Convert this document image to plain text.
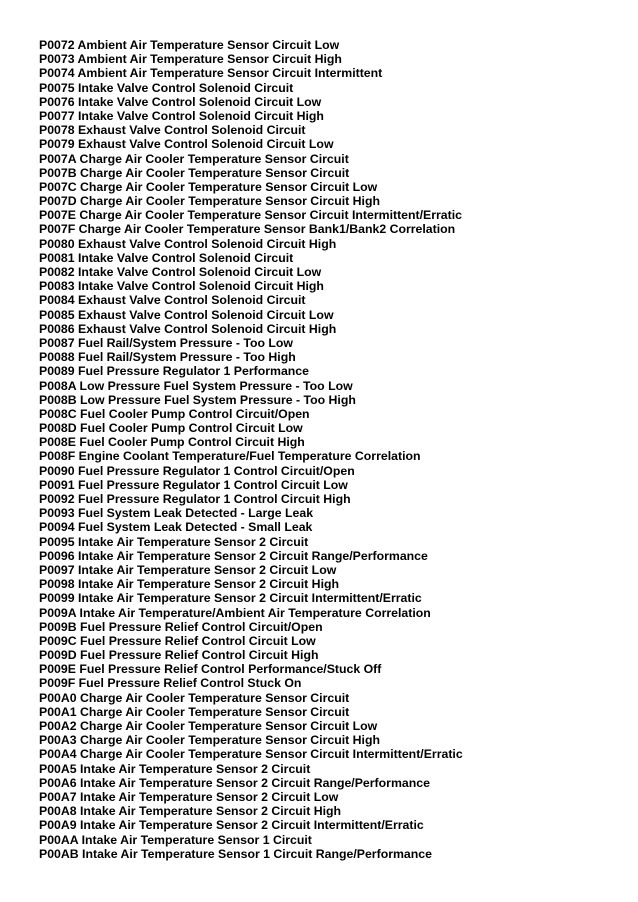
P0072 Ambient Air Temperature Sensor Circuit Low
P0073 Ambient Air Temperature Sensor Circuit High
P0074 Ambient Air Temperature Sensor Circuit Intermittent
P0075 Intake Valve Control Solenoid Circuit
P0076 Intake Valve Control Solenoid Circuit Low
P0077 Intake Valve Control Solenoid Circuit High
P0078 Exhaust Valve Control Solenoid Circuit
P0079 Exhaust Valve Control Solenoid Circuit Low
P007A Charge Air Cooler Temperature Sensor Circuit
P007B Charge Air Cooler Temperature Sensor Circuit
P007C Charge Air Cooler Temperature Sensor Circuit Low
P007D Charge Air Cooler Temperature Sensor Circuit High
P007E Charge Air Cooler Temperature Sensor Circuit Intermittent/Erratic
P007F Charge Air Cooler Temperature Sensor Bank1/Bank2 Correlation
P0080 Exhaust Valve Control Solenoid Circuit High
P0081 Intake Valve Control Solenoid Circuit
P0082 Intake Valve Control Solenoid Circuit Low
P0083 Intake Valve Control Solenoid Circuit High
P0084 Exhaust Valve Control Solenoid Circuit
P0085 Exhaust Valve Control Solenoid Circuit Low
P0086 Exhaust Valve Control Solenoid Circuit High
P0087 Fuel Rail/System Pressure - Too Low
P0088 Fuel Rail/System Pressure - Too High
P0089 Fuel Pressure Regulator 1 Performance
P008A Low Pressure Fuel System Pressure - Too Low
P008B Low Pressure Fuel System Pressure - Too High
P008C Fuel Cooler Pump Control Circuit/Open
P008D Fuel Cooler Pump Control Circuit Low
P008E Fuel Cooler Pump Control Circuit High
P008F Engine Coolant Temperature/Fuel Temperature Correlation
P0090 Fuel Pressure Regulator 1 Control Circuit/Open
P0091 Fuel Pressure Regulator 1 Control Circuit Low
P0092 Fuel Pressure Regulator 1 Control Circuit High
P0093 Fuel System Leak Detected - Large Leak
P0094 Fuel System Leak Detected - Small Leak
P0095 Intake Air Temperature Sensor 2 Circuit
P0096 Intake Air Temperature Sensor 2 Circuit Range/Performance
P0097 Intake Air Temperature Sensor 2 Circuit Low
P0098 Intake Air Temperature Sensor 2 Circuit High
P0099 Intake Air Temperature Sensor 2 Circuit Intermittent/Erratic
P009A Intake Air Temperature/Ambient Air Temperature Correlation
P009B Fuel Pressure Relief Control Circuit/Open
P009C Fuel Pressure Relief Control Circuit Low
P009D Fuel Pressure Relief Control Circuit High
P009E Fuel Pressure Relief Control Performance/Stuck Off
P009F Fuel Pressure Relief Control Stuck On
P00A0 Charge Air Cooler Temperature Sensor Circuit
P00A1 Charge Air Cooler Temperature Sensor Circuit
P00A2 Charge Air Cooler Temperature Sensor Circuit Low
P00A3 Charge Air Cooler Temperature Sensor Circuit High
P00A4 Charge Air Cooler Temperature Sensor Circuit Intermittent/Erratic
P00A5 Intake Air Temperature Sensor 2 Circuit
P00A6 Intake Air Temperature Sensor 2 Circuit Range/Performance
P00A7 Intake Air Temperature Sensor 2 Circuit Low
P00A8 Intake Air Temperature Sensor 2 Circuit High
P00A9 Intake Air Temperature Sensor 2 Circuit Intermittent/Erratic
P00AA Intake Air Temperature Sensor 1 Circuit
P00AB Intake Air Temperature Sensor 1 Circuit Range/Performance
